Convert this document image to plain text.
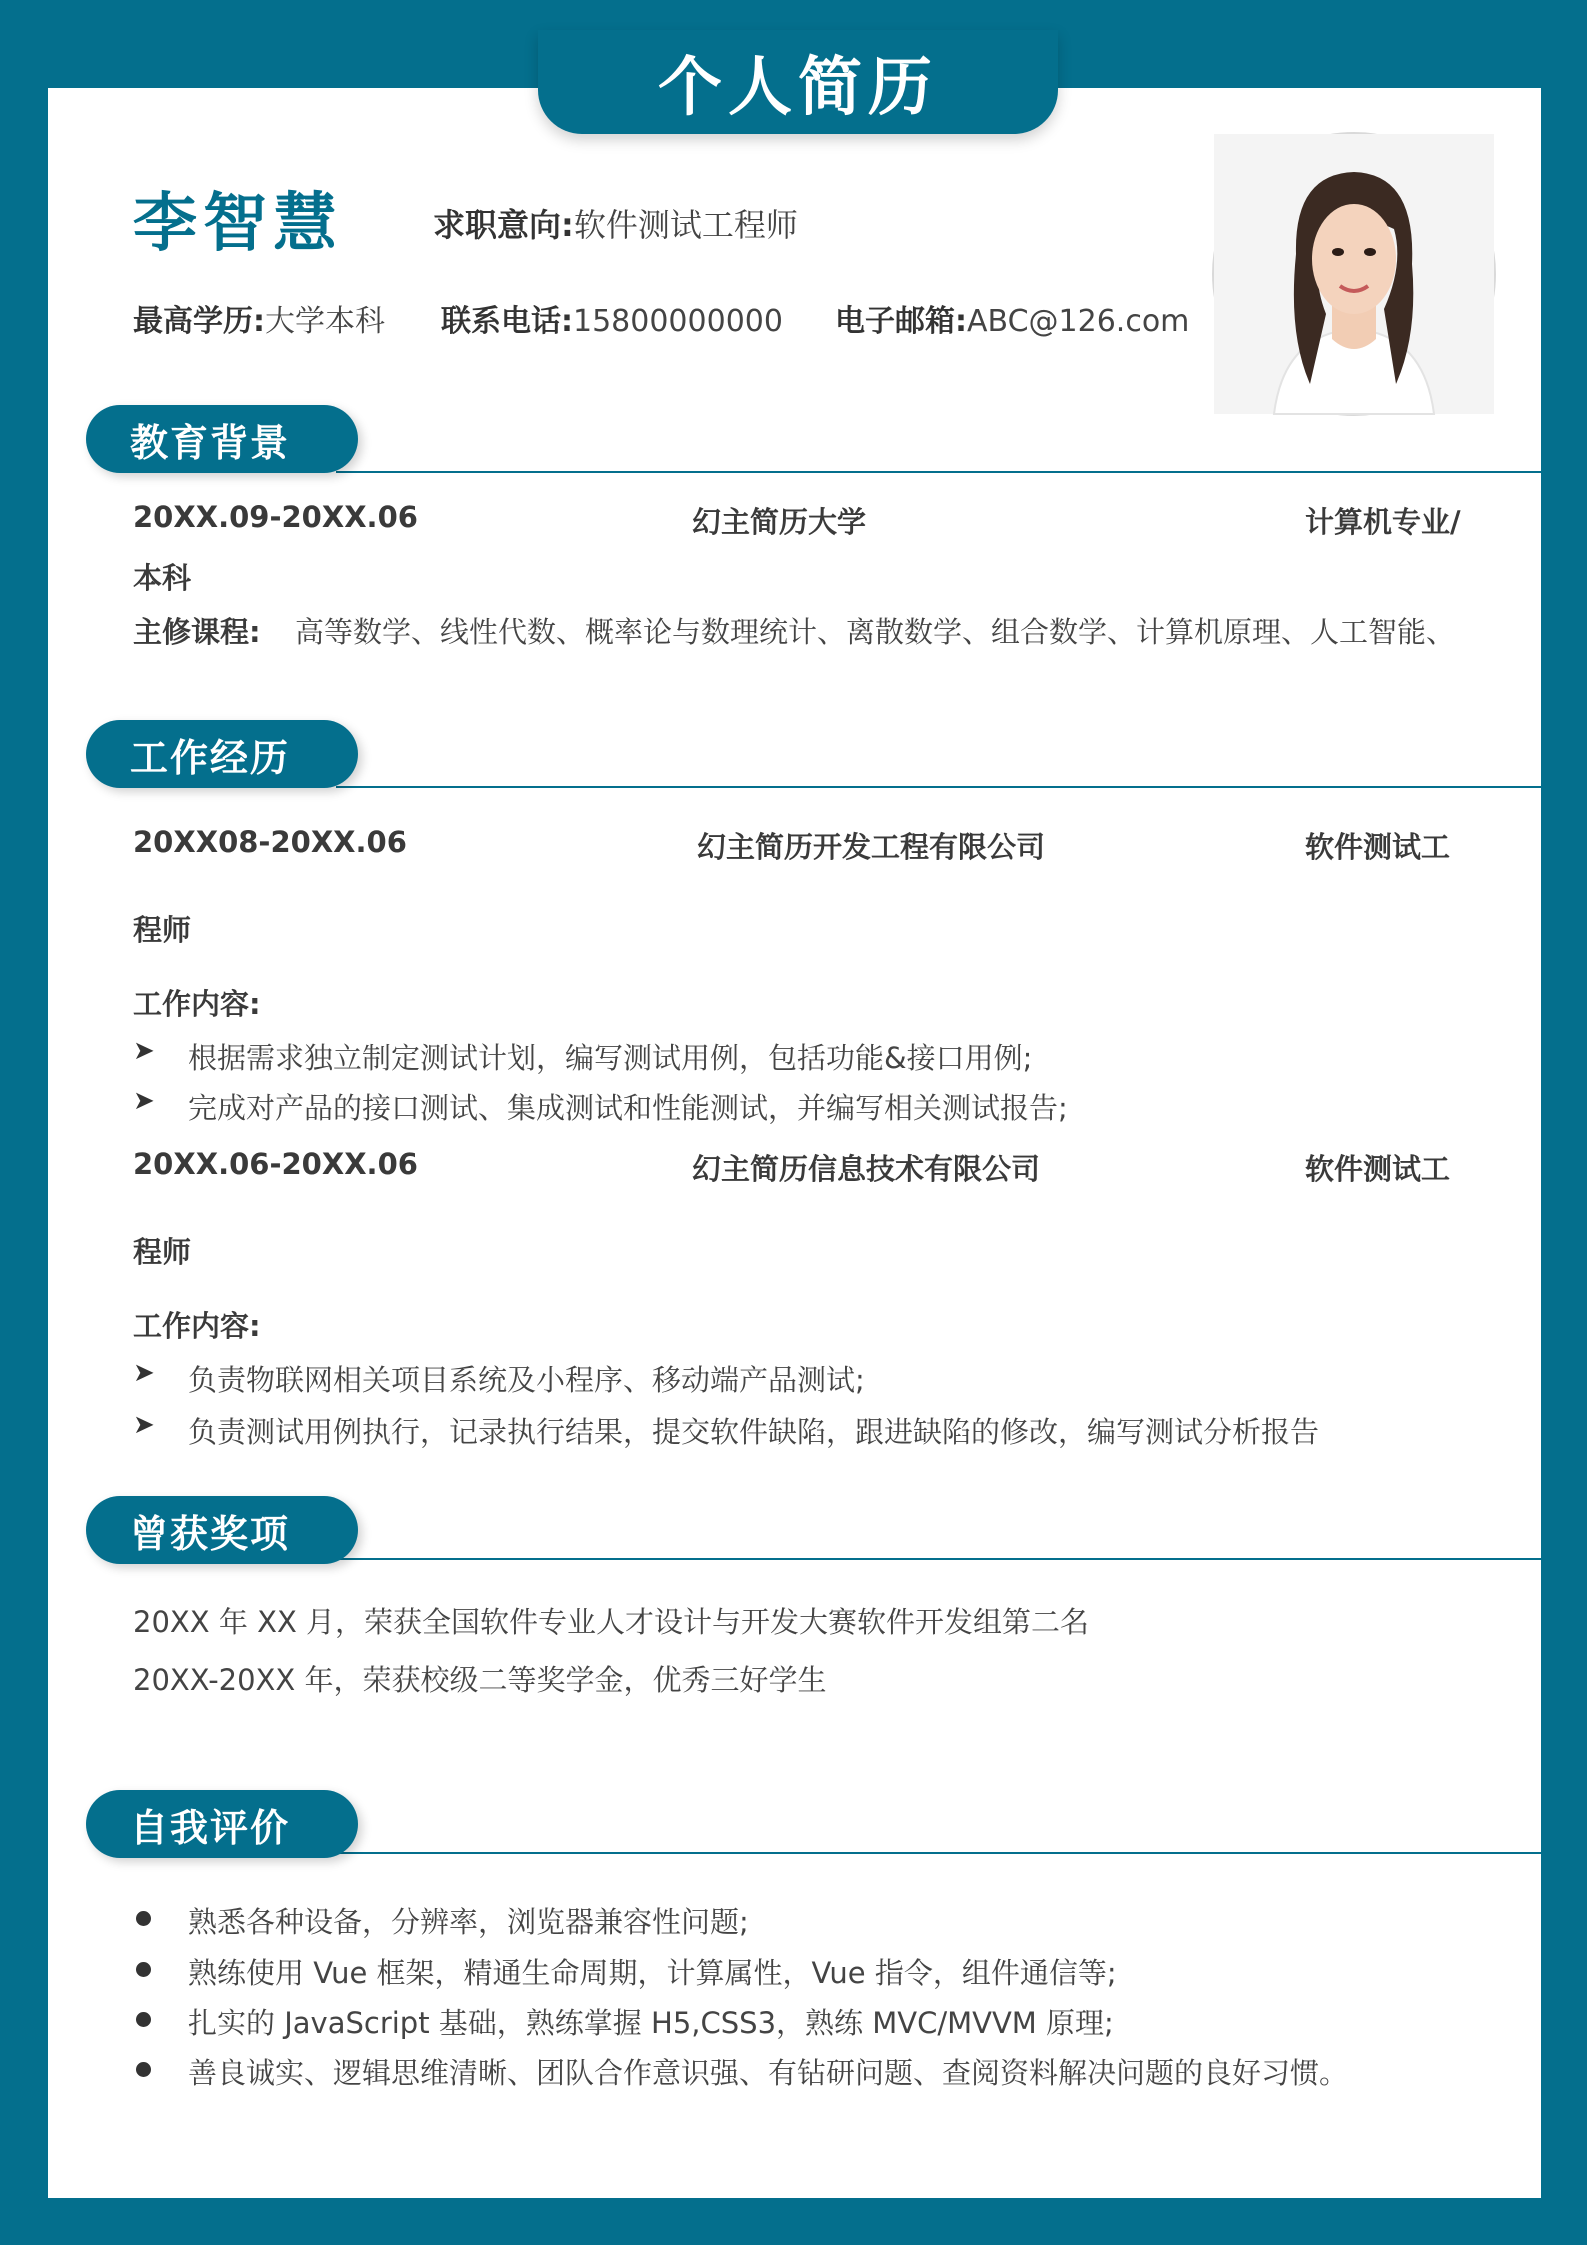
个人简历
李智慧	求职意向:软件测试工程师
最高学历:大学本科 联系电话:15800000000 电子邮箱:ABC@126.com
教育背景
20XX.09-20XX.06	幻主简历大学	计算机专业/
本科
主修课程: 高等数学、线性代数、概率论与数理统计、离散数学、组合数学、计算机原理、人工智能、
工作经历
20XX08-20XX.06	幻主简历开发工程有限公司	软件测试工
程师
工作内容:
➤ 根据需求独立制定测试计划，编写测试用例，包括功能&接口用例;
➤ 完成对产品的接口测试、集成测试和性能测试，并编写相关测试报告;
20XX.06-20XX.06	幻主简历信息技术有限公司	软件测试工
程师
工作内容:
➤ 负责物联网相关项目系统及小程序、移动端产品测试;
➤ 负责测试用例执行，记录执行结果，提交软件缺陷，跟进缺陷的修改，编写测试分析报告
曾获奖项
20XX 年 XX 月，荣获全国软件专业人才设计与开发大赛软件开发组第二名
20XX-20XX 年，荣获校级二等奖学金，优秀三好学生
自我评价
熟悉各种设备，分辨率，浏览器兼容性问题;
熟练使用 Vue 框架，精通生命周期，计算属性，Vue 指令，组件通信等;
扎实的 JavaScript 基础，熟练掌握 H5,CSS3，熟练 MVC/MVVM 原理;
善良诚实、逻辑思维清晰、团队合作意识强、有钻研问题、查阅资料解决问题的良好习惯。
